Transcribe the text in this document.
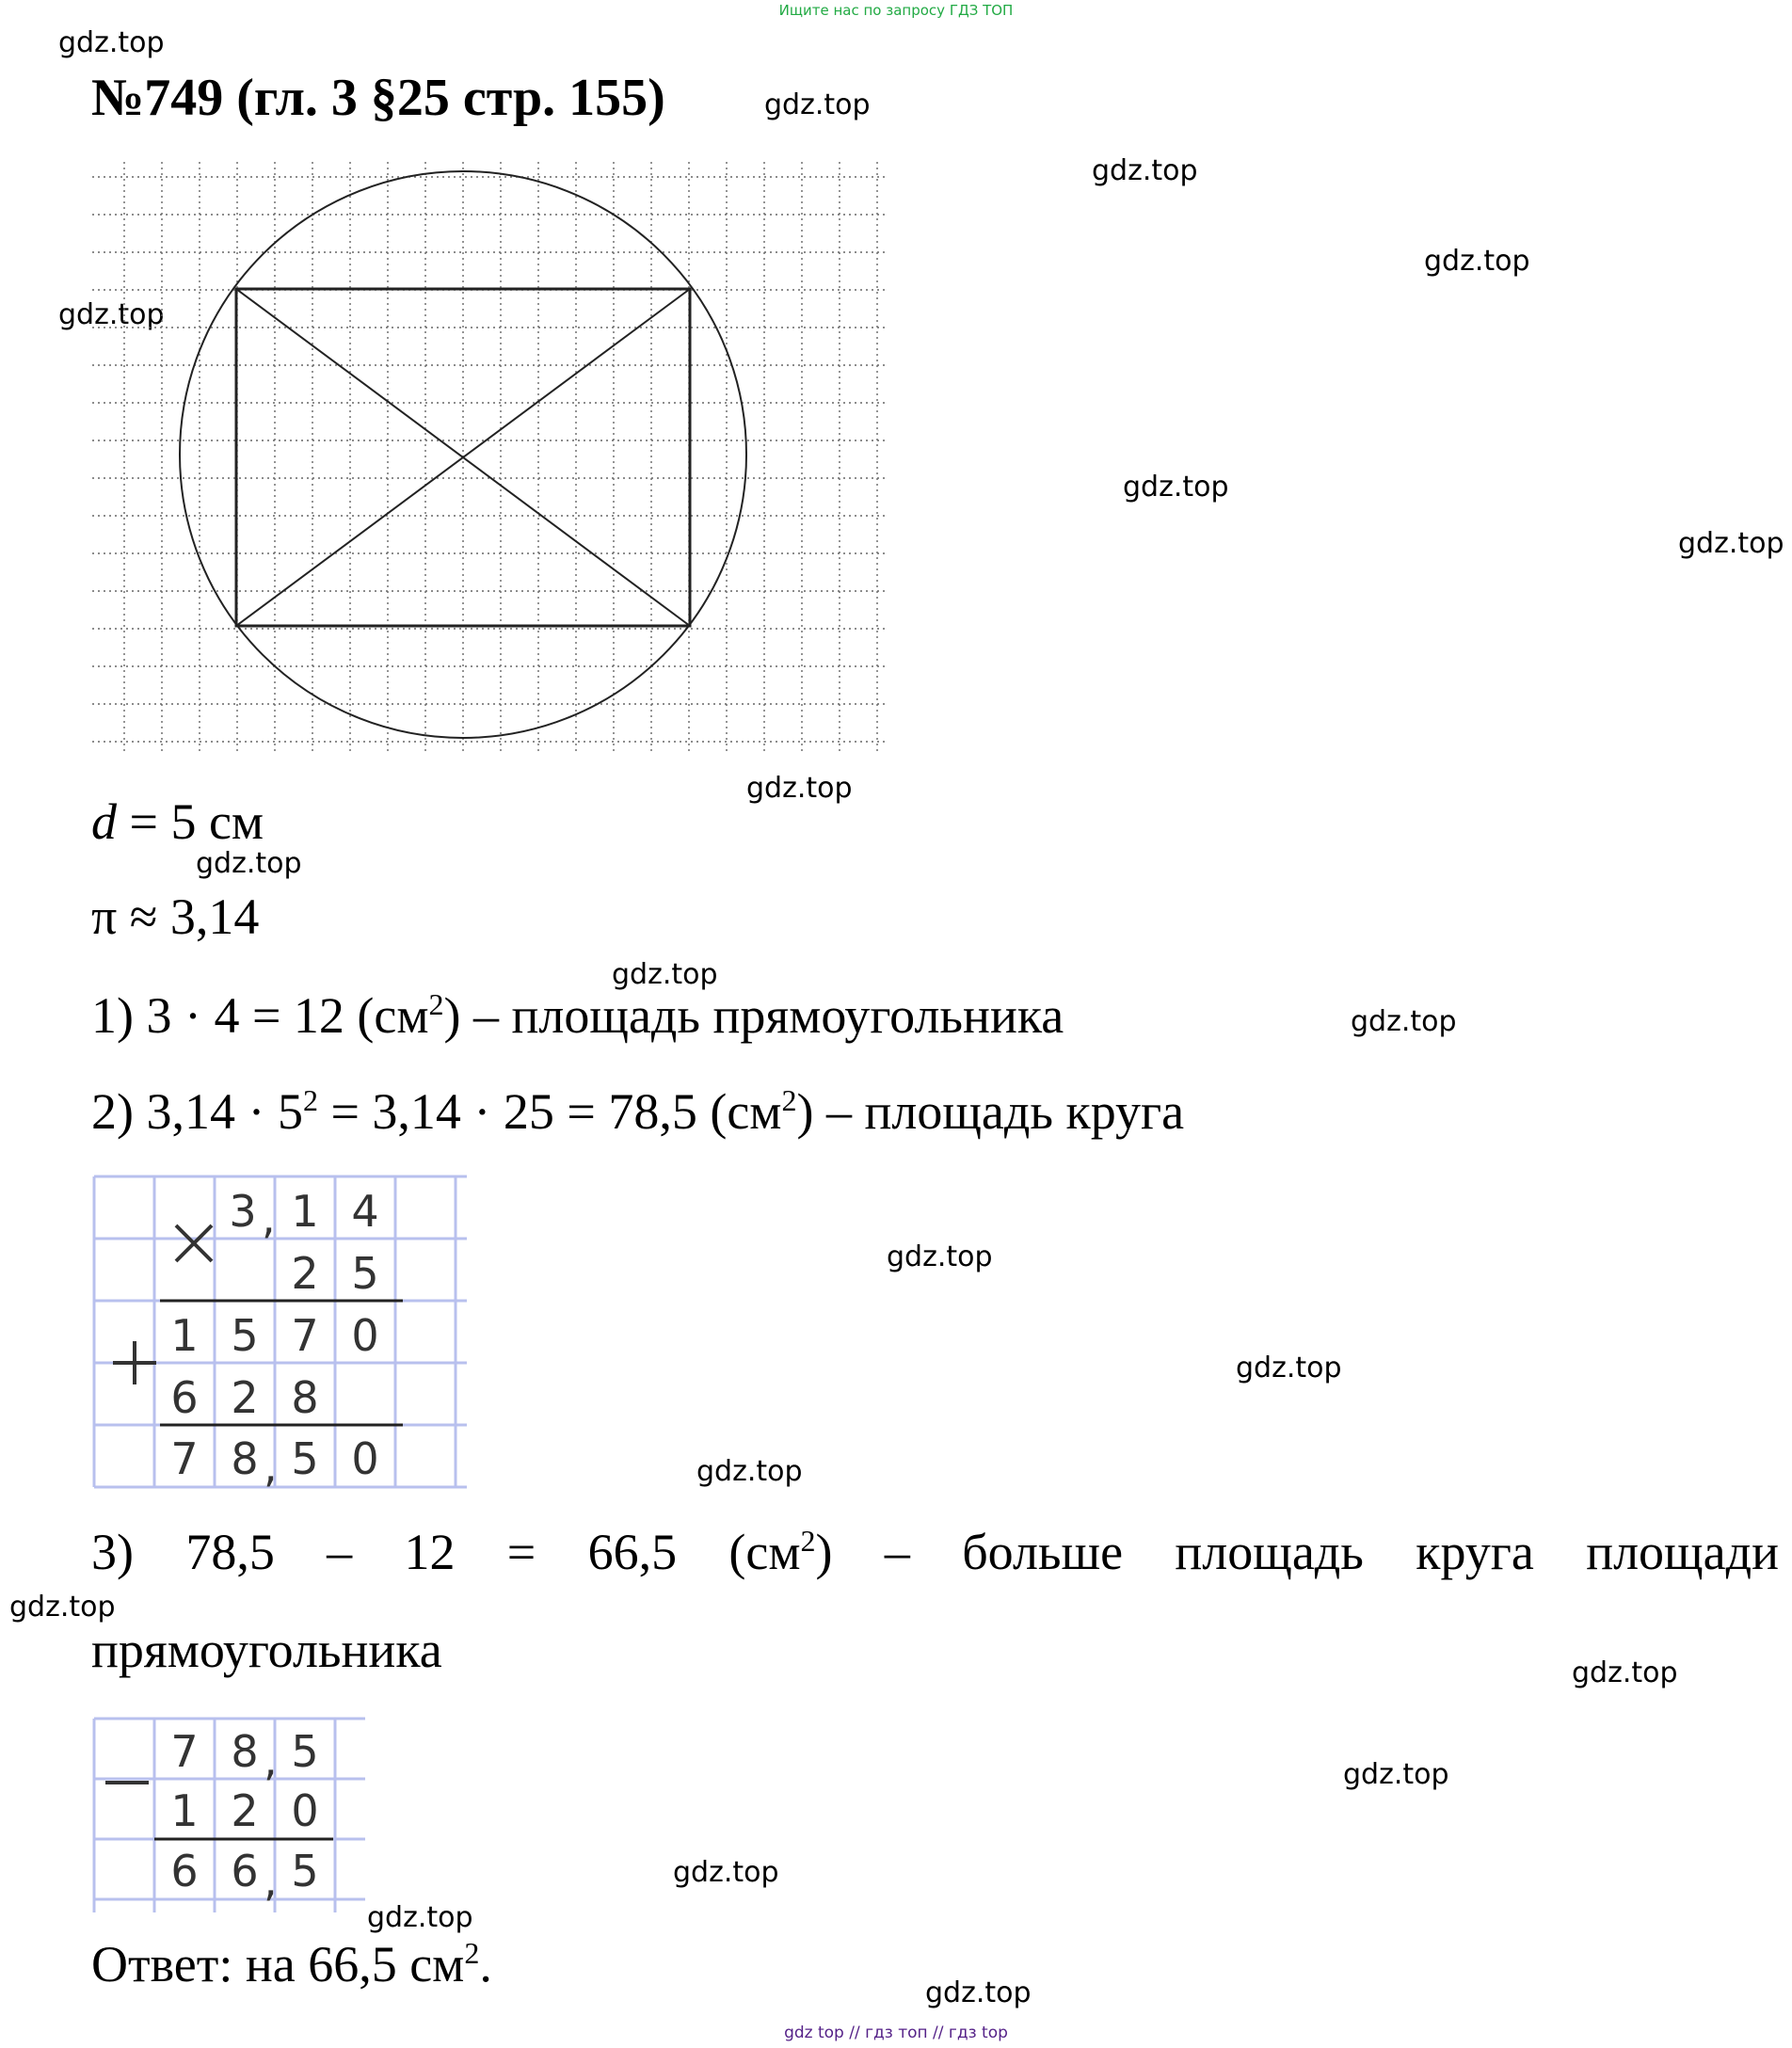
Ищите нас по запросу ГДЗ ТОП
gdz.top
gdz.top
gdz.top
gdz.top
gdz.top
gdz.top
gdz.top
gdz.top
gdz.top
gdz.top
gdz.top
gdz.top
gdz.top
gdz.top
gdz.top
gdz.top
gdz.top
gdz.top
gdz.top
gdz.top
№749 (гл. 3 §25 стр. 155)
d = 5 см
π ≈ 3,14
1) 3 · 4 = 12 $(см^2)$ – площадь прямоугольника
2) $3,14 \cdot 5^2 = 3,14 \cdot 25 = 78,5$ $(см^2)$ – площадь круга
3 , 1 4
2 5
1 5 7 0
6 2 8
7 8 , 5 0
3) 78,5 – 12 = 66,5 $(см^2)$ – больше площадь круга площади
прямоугольника
7 8 , 5
1 2 0
6 6 , 5
Ответ: на 66,5 $см^2$.
gdz top // гдз топ // гдз top
